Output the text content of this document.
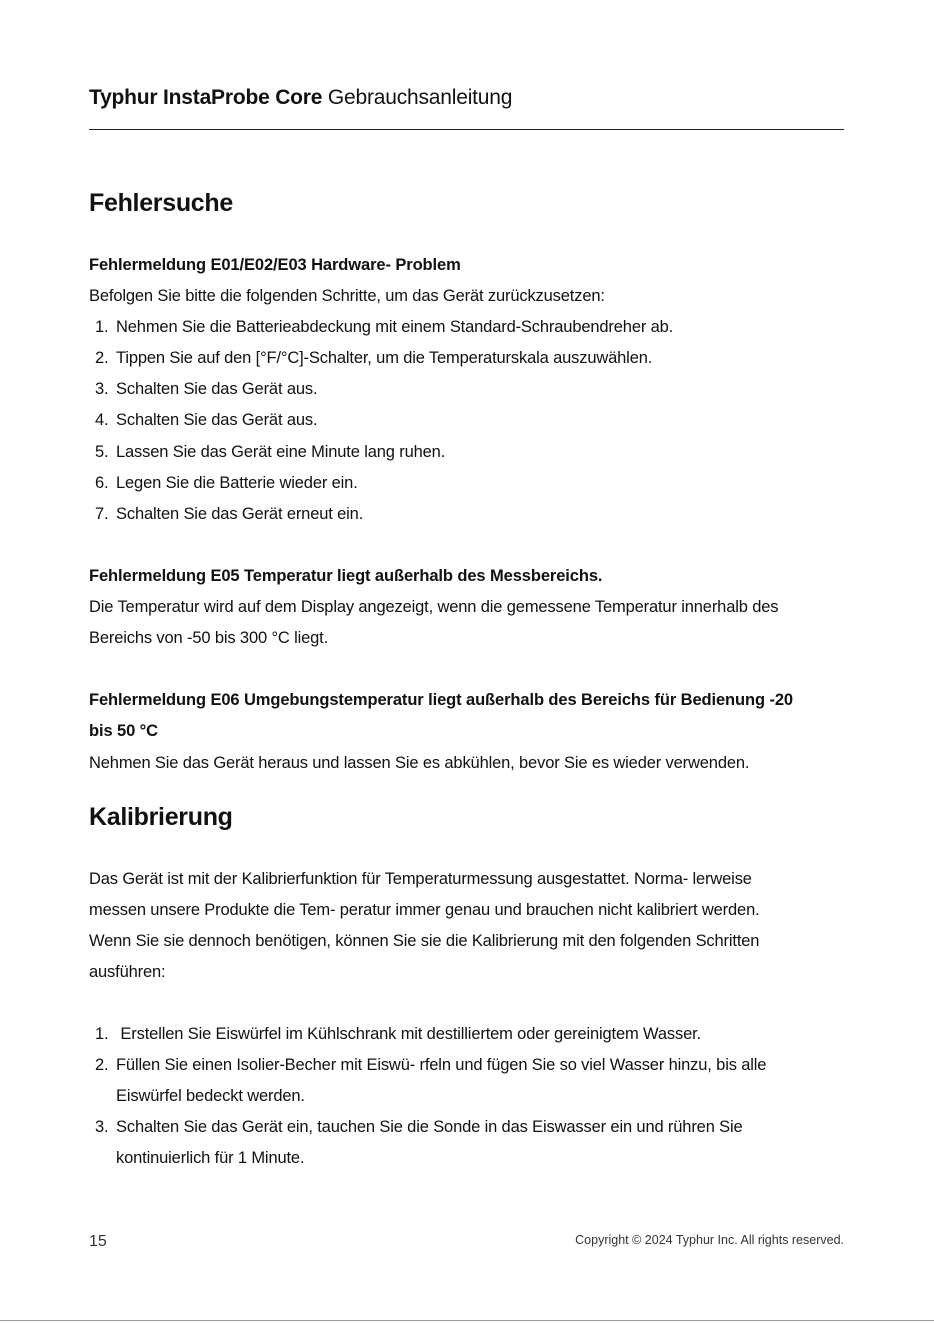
Typhur InstaProbe Core Gebrauchsanleitung
Fehlersuche
Fehlermeldung E01/E02/E03 Hardware- Problem
Befolgen Sie bitte die folgenden Schritte, um das Gerät zurückzusetzen:
1. Nehmen Sie die Batterieabdeckung mit einem Standard-Schraubendreher ab.
2. Tippen Sie auf den [°F/°C]-Schalter, um die Temperaturskala auszuwählen.
3. Schalten Sie das Gerät aus.
4. Schalten Sie das Gerät aus.
5. Lassen Sie das Gerät eine Minute lang ruhen.
6. Legen Sie die Batterie wieder ein.
7. Schalten Sie das Gerät erneut ein.
Fehlermeldung E05 Temperatur liegt außerhalb des Messbereichs.
Die Temperatur wird auf dem Display angezeigt, wenn die gemessene Temperatur innerhalb des
Bereichs von -50 bis 300 °C liegt.
Fehlermeldung E06 Umgebungstemperatur liegt außerhalb des Bereichs für Bedienung -20
bis 50 °C
Nehmen Sie das Gerät heraus und lassen Sie es abkühlen, bevor Sie es wieder verwenden.
Kalibrierung
Das Gerät ist mit der Kalibrierfunktion für Temperaturmessung ausgestattet. Norma- lerweise
messen unsere Produkte die Tem- peratur immer genau und brauchen nicht kalibriert werden.
Wenn Sie sie dennoch benötigen, können Sie sie die Kalibrierung mit den folgenden Schritten
ausführen:
1. Erstellen Sie Eiswürfel im Kühlschrank mit destilliertem oder gereinigtem Wasser.
2. Füllen Sie einen Isolier-Becher mit Eiswü- rfeln und fügen Sie so viel Wasser hinzu, bis alle
Eiswürfel bedeckt werden.
3. Schalten Sie das Gerät ein, tauchen Sie die Sonde in das Eiswasser ein und rühren Sie
kontinuierlich für 1 Minute.
15	Copyright © 2024 Typhur Inc. All rights reserved.
